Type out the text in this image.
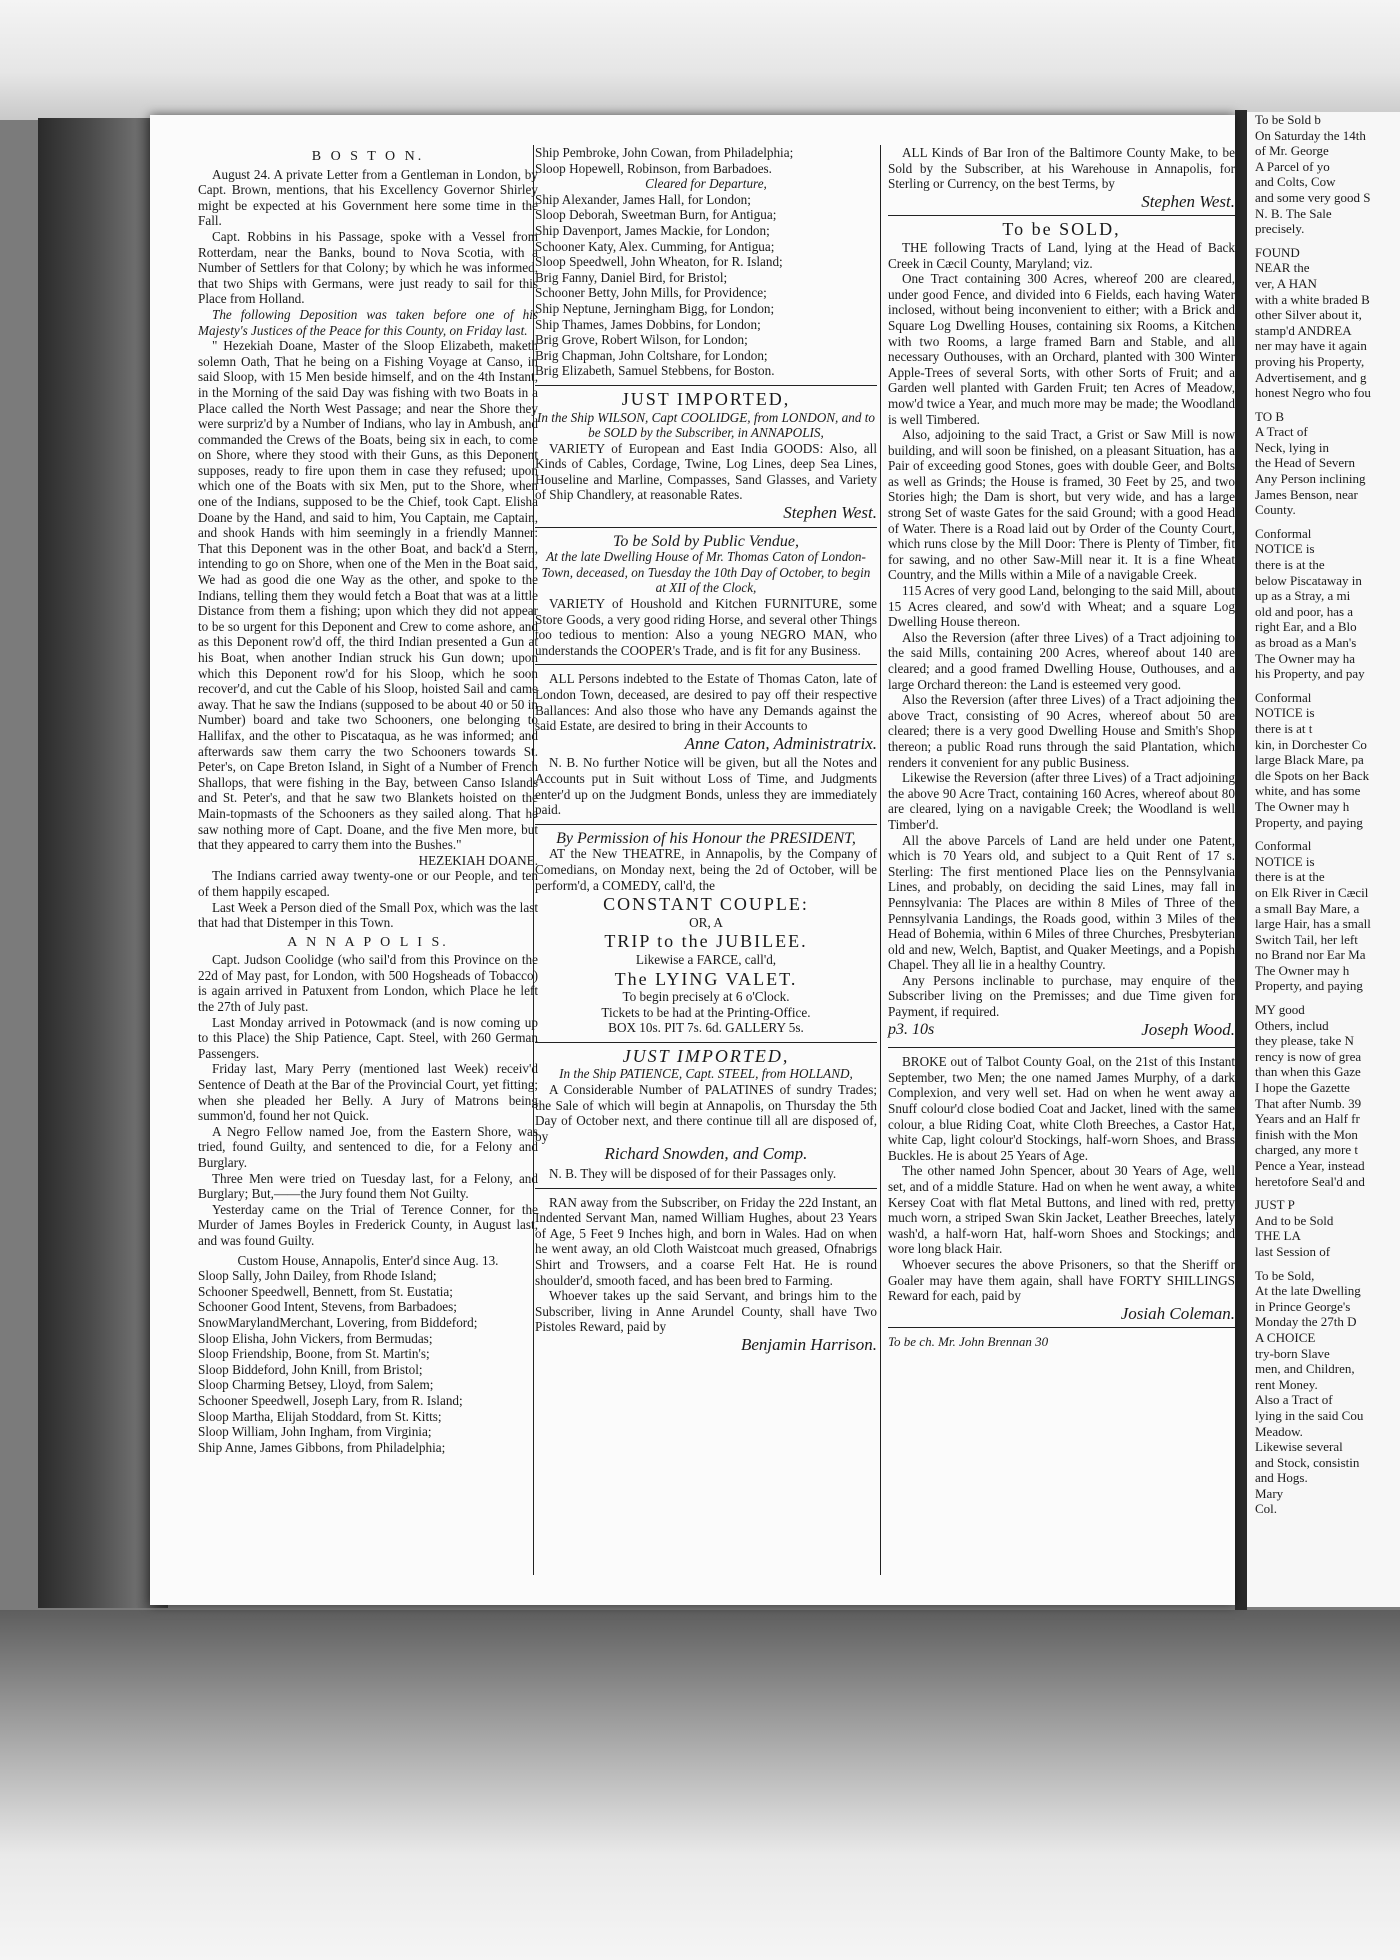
B O S T O N.

August 24. A private Letter from a Gentleman in London, by Capt. Brown, mentions, that his Excellency Governor Shirley might be expected at his Government here some time in the Fall.

Capt. Robbins in his Passage, spoke with a Vessel from Rotterdam, near the Banks, bound to Nova Scotia, with a Number of Settlers for that Colony; by which he was informed, that two Ships with Germans, were just ready to sail for this Place from Holland.

The following Deposition was taken before one of his Majesty's Justices of the Peace for this County, on Friday last.

" Hezekiah Doane, Master of the Sloop Elizabeth, maketh solemn Oath, That he being on a Fishing Voyage at Canso, in said Sloop, with 15 Men beside himself, and on the 4th Instant, in the Morning of the said Day was fishing with two Boats in a Place called the North West Passage; and near the Shore they were surpriz'd by a Number of Indians, who lay in Ambush, and commanded the Crews of the Boats, being six in each, to come on Shore, where they stood with their Guns, as this Deponent supposes, ready to fire upon them in case they refused; upon which one of the Boats with six Men, put to the Shore, when one of the Indians, supposed to be the Chief, took Capt. Elisha Doane by the Hand, and said to him, You Captain, me Captain, and shook Hands with him seemingly in a friendly Manner: That this Deponent was in the other Boat, and back'd a Stern, intending to go on Shore, when one of the Men in the Boat said, We had as good die one Way as the other, and spoke to the Indians, telling them they would fetch a Boat that was at a little Distance from them a fishing; upon which they did not appear to be so urgent for this Deponent and Crew to come ashore, and as this Deponent row'd off, the third Indian presented a Gun at his Boat, when another Indian struck his Gun down; upon which this Deponent row'd for his Sloop, which he soon recover'd, and cut the Cable of his Sloop, hoisted Sail and came away. That he saw the Indians (supposed to be about 40 or 50 in Number) board and take two Schooners, one belonging to Hallifax, and the other to Piscataqua, as he was informed; and afterwards saw them carry the two Schooners towards St. Peter's, on Cape Breton Island, in Sight of a Number of French Shallops, that were fishing in the Bay, between Canso Islands and St. Peter's, and that he saw two Blankets hoisted on the Main-topmasts of the Schooners as they sailed along. That he saw nothing more of Capt. Doane, and the five Men more, but that they appeared to carry them into the Bushes."

HEZEKIAH DOANE.

The Indians carried away twenty-one or our People, and ten of them happily escaped.

Last Week a Person died of the Small Pox, which was the last that had that Distemper in this Town.

A N N A P O L I S.

Capt. Judson Coolidge (who sail'd from this Province on the 22d of May past, for London, with 500 Hogsheads of Tobacco) is again arrived in Patuxent from London, which Place he left the 27th of July past.

Last Monday arrived in Potowmack (and is now coming up to this Place) the Ship Patience, Capt. Steel, with 260 German Passengers.

Friday last, Mary Perry (mentioned last Week) receiv'd Sentence of Death at the Bar of the Provincial Court, yet fitting; when she pleaded her Belly. A Jury of Matrons being summon'd, found her not Quick.

A Negro Fellow named Joe, from the Eastern Shore, was tried, found Guilty, and sentenced to die, for a Felony and Burglary.

Three Men were tried on Tuesday last, for a Felony, and Burglary; But,——the Jury found them Not Guilty.

Yesterday came on the Trial of Terence Conner, for the Murder of James Boyles in Frederick County, in August last, and was found Guilty.

Custom House, Annapolis, Enter'd since Aug. 13.

Sloop Sally, John Dailey, from Rhode Island;
Schooner Speedwell, Bennett, from St. Eustatia;
Schooner Good Intent, Stevens, from Barbadoes;
SnowMarylandMerchant, Lovering, from Biddeford;
Sloop Elisha, John Vickers, from Bermudas;
Sloop Friendship, Boone, from St. Martin's;
Sloop Biddeford, John Knill, from Bristol;
Sloop Charming Betsey, Lloyd, from Salem;
Schooner Speedwell, Joseph Lary, from R. Island;
Sloop Martha, Elijah Stoddard, from St. Kitts;
Sloop William, John Ingham, from Virginia;
Ship Anne, James Gibbons, from Philadelphia;
Ship Pembroke, John Cowan, from Philadelphia;
Sloop Hopewell, Robinson, from Barbadoes.

Cleared for Departure,

Ship Alexander, James Hall, for London;
Sloop Deborah, Sweetman Burn, for Antigua;
Ship Davenport, James Mackie, for London;
Schooner Katy, Alex. Cumming, for Antigua;
Sloop Speedwell, John Wheaton, for R. Island;
Brig Fanny, Daniel Bird, for Bristol;
Schooner Betty, John Mills, for Providence;
Ship Neptune, Jerningham Bigg, for London;
Ship Thames, James Dobbins, for London;
Brig Grove, Robert Wilson, for London;
Brig Chapman, John Coltshare, for London;
Brig Elizabeth, Samuel Stebbens, for Boston.
JUST IMPORTED,

In the Ship WILSON, Capt COOLIDGE, from LONDON, and to be SOLD by the Subscriber, in ANNAPOLIS,

VARIETY of European and East India GOODS: Also, all Kinds of Cables, Cordage, Twine, Log Lines, deep Sea Lines, Houseline and Marline, Compasses, Sand Glasses, and Variety of Ship Chandlery, at reasonable Rates.

Stephen West.
To be Sold by Public Vendue,

At the late Dwelling House of Mr. Thomas Caton of London-Town, deceased, on Tuesday the 10th Day of October, to begin at XII of the Clock,

VARIETY of Houshold and Kitchen FURNITURE, some Store Goods, a very good riding Horse, and several other Things too tedious to mention: Also a young NEGRO MAN, who understands the COOPER's Trade, and is fit for any Business.

ALL Persons indebted to the Estate of Thomas Caton, late of London Town, deceased, are desired to pay off their respective Ballances: And also those who have any Demands against the said Estate, are desired to bring in their Accounts to

Anne Caton, Administratrix.

N. B. No further Notice will be given, but all the Notes and Accounts put in Suit without Loss of Time, and Judgments enter'd up on the Judgment Bonds, unless they are immediately paid.

By Permission of his Honour the PRESIDENT,

AT the New THEATRE, in Annapolis, by the Company of Comedians, on Monday next, being the 2d of October, will be perform'd, a COMEDY, call'd, the

CONSTANT COUPLE:

OR, A

TRIP to the JUBILEE.

Likewise a FARCE, call'd,

The LYING VALET.

To begin precisely at 6 o'Clock.

Tickets to be had at the Printing-Office.

BOX 10s. PIT 7s. 6d. GALLERY 5s.

JUST IMPORTED,

In the Ship PATIENCE, Capt. STEEL, from HOLLAND,

A Considerable Number of PALATINES of sundry Trades; the Sale of which will begin at Annapolis, on Thursday the 5th Day of October next, and there continue till all are disposed of, by

Richard Snowden, and Comp.

N. B. They will be disposed of for their Passages only.

RAN away from the Subscriber, on Friday the 22d Instant, an Indented Servant Man, named William Hughes, about 23 Years of Age, 5 Feet 9 Inches high, and born in Wales. Had on when he went away, an old Cloth Waistcoat much greased, Ofnabrigs Shirt and Trowsers, and a coarse Felt Hat. He is round shoulder'd, smooth faced, and has been bred to Farming.

Whoever takes up the said Servant, and brings him to the Subscriber, living in Anne Arundel County, shall have Two Pistoles Reward, paid by

Benjamin Harrison.

ALL Kinds of Bar Iron of the Baltimore County Make, to be Sold by the Subscriber, at his Warehouse in Annapolis, for Sterling or Currency, on the best Terms, by

Stephen West.
To be SOLD,

THE following Tracts of Land, lying at the Head of Back Creek in Cæcil County, Maryland; viz.

One Tract containing 300 Acres, whereof 200 are cleared, under good Fence, and divided into 6 Fields, each having Water inclosed, without being inconvenient to either; with a Brick and Square Log Dwelling Houses, containing six Rooms, a Kitchen with two Rooms, a large framed Barn and Stable, and all necessary Outhouses, with an Orchard, planted with 300 Winter Apple-Trees of several Sorts, with other Sorts of Fruit; and a Garden well planted with Garden Fruit; ten Acres of Meadow, mow'd twice a Year, and much more may be made; the Woodland is well Timbered.

Also, adjoining to the said Tract, a Grist or Saw Mill is now building, and will soon be finished, on a pleasant Situation, has a Pair of exceeding good Stones, goes with double Geer, and Bolts as well as Grinds; the House is framed, 30 Feet by 25, and two Stories high; the Dam is short, but very wide, and has a large strong Set of waste Gates for the said Ground; with a good Head of Water. There is a Road laid out by Order of the County Court, which runs close by the Mill Door: There is Plenty of Timber, fit for sawing, and no other Saw-Mill near it. It is a fine Wheat Country, and the Mills within a Mile of a navigable Creek.

115 Acres of very good Land, belonging to the said Mill, about 15 Acres cleared, and sow'd with Wheat; and a square Log Dwelling House thereon.

Also the Reversion (after three Lives) of a Tract adjoining to the said Mills, containing 200 Acres, whereof about 140 are cleared; and a good framed Dwelling House, Outhouses, and a large Orchard thereon: the Land is esteemed very good.

Also the Reversion (after three Lives) of a Tract adjoining the above Tract, consisting of 90 Acres, whereof about 50 are cleared; there is a very good Dwelling House and Smith's Shop thereon; a public Road runs through the said Plantation, which renders it convenient for any public Business.

Likewise the Reversion (after three Lives) of a Tract adjoining the above 90 Acre Tract, containing 160 Acres, whereof about 80 are cleared, lying on a navigable Creek; the Woodland is well Timber'd.

All the above Parcels of Land are held under one Patent, which is 70 Years old, and subject to a Quit Rent of 17 s. Sterling: The first mentioned Place lies on the Pennsylvania Lines, and probably, on deciding the said Lines, may fall in Pennsylvania: The Places are within 8 Miles of Three of the Pennsylvania Landings, the Roads good, within 3 Miles of the Head of Bohemia, within 6 Miles of three Churches, Presbyterian old and new, Welch, Baptist, and Quaker Meetings, and a Popish Chapel. They all lie in a healthy Country.

Any Persons inclinable to purchase, may enquire of the Subscriber living on the Premisses; and due Time given for Payment, if required.

p3. 10s	Joseph Wood.

BROKE out of Talbot County Goal, on the 21st of this Instant September, two Men; the one named James Murphy, of a dark Complexion, and very well set. Had on when he went away a Snuff colour'd close bodied Coat and Jacket, lined with the same colour, a blue Riding Coat, white Cloth Breeches, a Castor Hat, white Cap, light colour'd Stockings, half-worn Shoes, and Brass Buckles. He is about 25 Years of Age.

The other named John Spencer, about 30 Years of Age, well set, and of a middle Stature. Had on when he went away, a white Kersey Coat with flat Metal Buttons, and lined with red, pretty much worn, a striped Swan Skin Jacket, Leather Breeches, lately wash'd, a half-worn Hat, half-worn Shoes and Stockings; and wore long black Hair.

Whoever secures the above Prisoners, so that the Sheriff or Goaler may have them again, shall have FORTY SHILLINGS Reward for each, paid by

Josiah Coleman.
To be ch. Mr. John Brennan 30
To be Sold b
On Saturday the 14th
of Mr. George
A Parcel of yo
and Colts, Cow
and some very good S
N. B. The Sale
precisely.
FOUND
NEAR the
ver, A HAN
with a white braded B
other Silver about it,
stamp'd ANDREA
ner may have it again
proving his Property,
Advertisement, and g
honest Negro who fou
TO B
A Tract of
Neck, lying in
the Head of Severn
Any Person inclining
James Benson, near
County.
Conformal
NOTICE is
there is at the
below Piscataway in
up as a Stray, a mi
old and poor, has a
right Ear, and a Blo
as broad as a Man's
The Owner may ha
his Property, and pay
Conformal
NOTICE is
there is at t
kin, in Dorchester Co
large Black Mare, pa
dle Spots on her Back
white, and has some
The Owner may h
Property, and paying
Conformal
NOTICE is
there is at the
on Elk River in Cæcil
a small Bay Mare, a
large Hair, has a small
Switch Tail, her left
no Brand nor Ear Ma
The Owner may h
Property, and paying
MY good
Others, includ
they please, take N
rency is now of grea
than when this Gaze
I hope the Gazette
That after Numb. 39
Years and an Half fr
finish with the Mon
charged, any more t
Pence a Year, instead
heretofore Seal'd and
JUST P
And to be Sold
THE LA
last Session of
To be Sold,
At the late Dwelling
in Prince George's
Monday the 27th D
A CHOICE
try-born Slave
men, and Children,
rent Money.
Also a Tract of
lying in the said Cou
Meadow.
Likewise several
and Stock, consistin
and Hogs.
Mary
Col.
